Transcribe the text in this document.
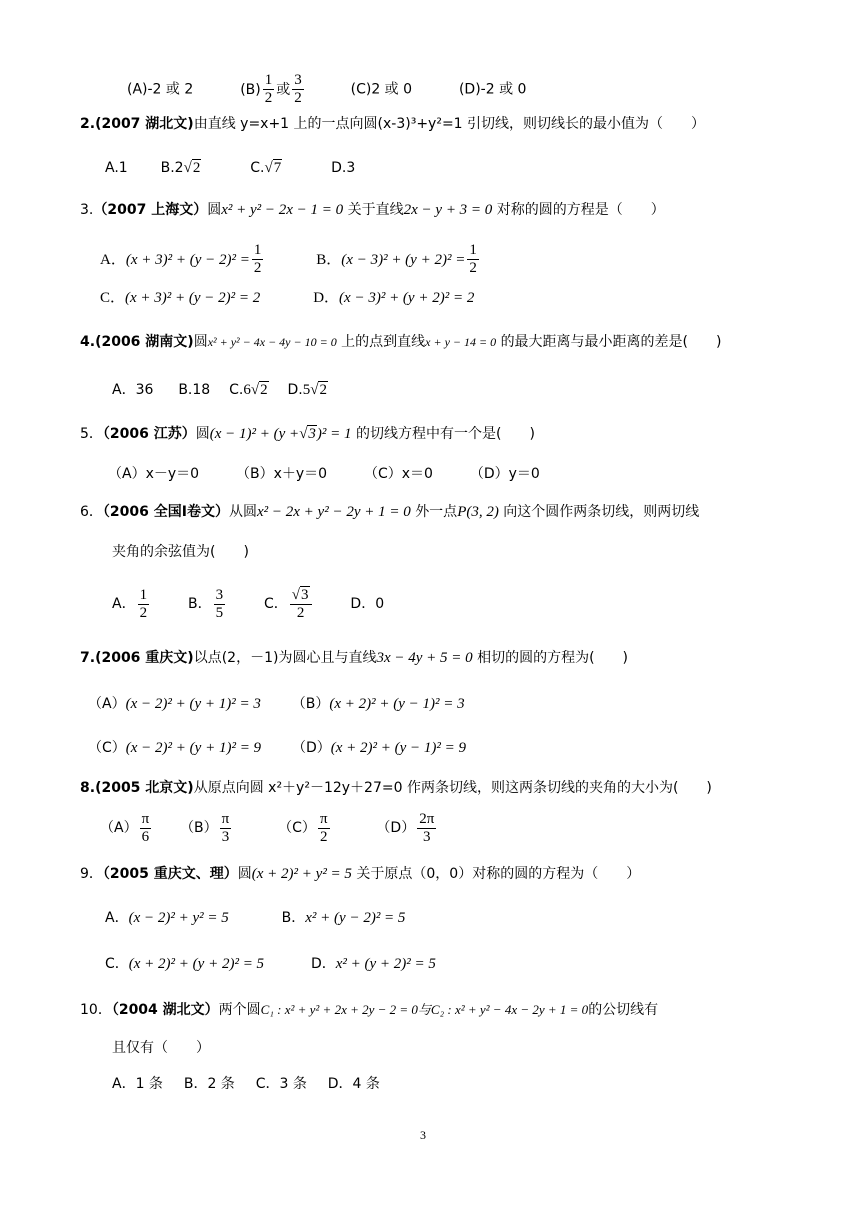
(A)-2 或 2	$(B) \frac{1}{2}$ 或 $\frac{3}{2}$	(C)2 或 0	(D)-2 或 0
2.(2007 湖北文)由直线 y=x+1 上的一点向圆(x-3)³+y²=1 引切线，则切线长的最小值为（　　）
A.1 B.2√2	C.√7	D.3
3.（2007 上海文）圆x² + y² − 2x − 1 = 0 关于直线2x − y + 3 = 0 对称的圆的方程是（　　）
A．$(x + 3)^2 + (y - 2)^2 = \frac{1}{2}$	B．$(x - 3)^2 + (y + 2)^2 = \frac{1}{2}$
C．(x + 3)² + (y − 2)² = 2	D．(x − 3)² + (y + 2)² = 2
4.(2006 湖南文)圆x² + y² − 4x − 4y − 10 = 0 上的点到直线x + y − 14 = 0 的最大距离与最小距离的差是(　　)
A．36 B.18 C.6√2 D.5√2
5．（2006 江苏）圆(x − 1)² + (y +√3)² = 1 的切线方程中有一个是(　　)
（A）x－y＝0	（B）x＋y＝0	（C）x＝0	（D）y＝0
6．（2006 全国Ⅰ卷文）从圆x² − 2x + y² − 2y + 1 = 0 外一点P(3, 2) 向这个圆作两条切线，则两切线
夹角的余弦值为(　　)
A． $\frac{1}{2}$	B． $\frac{3}{5}$	C． $\frac{√3}{2}$	D．0
7.(2006 重庆文)以点(2，－1)为圆心且与直线3x − 4y + 5 = 0 相切的圆的方程为(　　)
（A）(x − 2)² + (y + 1)² = 3 （B）(x + 2)² + (y − 1)² = 3
（C）(x − 2)² + (y + 1)² = 9 （D）(x + 2)² + (y − 1)² = 9
8.(2005 北京文)从原点向圆 x²＋y²－12y＋27=0 作两条切线，则这两条切线的夹角的大小为(　　)
$(A) \frac{\pi}{6} (B) \frac{\pi}{3}$	$(C) \frac{\pi}{2}$	$(D) \frac{2\pi}{3}$
9．（2005 重庆文、理）圆(x + 2)² + y² = 5 关于原点（0，0）对称的圆的方程为（　　）
A．(x − 2)² + y² = 5	B．x² + (y − 2)² = 5
C．(x + 2)² + (y + 2)² = 5	D．x² + (y + 2)² = 5
10．（2004 湖北文）两个圆C₁ : x² + y² + 2x + 2y − 2 = 0与C₂ : x² + y² − 4x − 2y + 1 = 0的公切线有
且仅有（　　）
A．1 条 B．2 条 C．3 条 D．4 条
3
